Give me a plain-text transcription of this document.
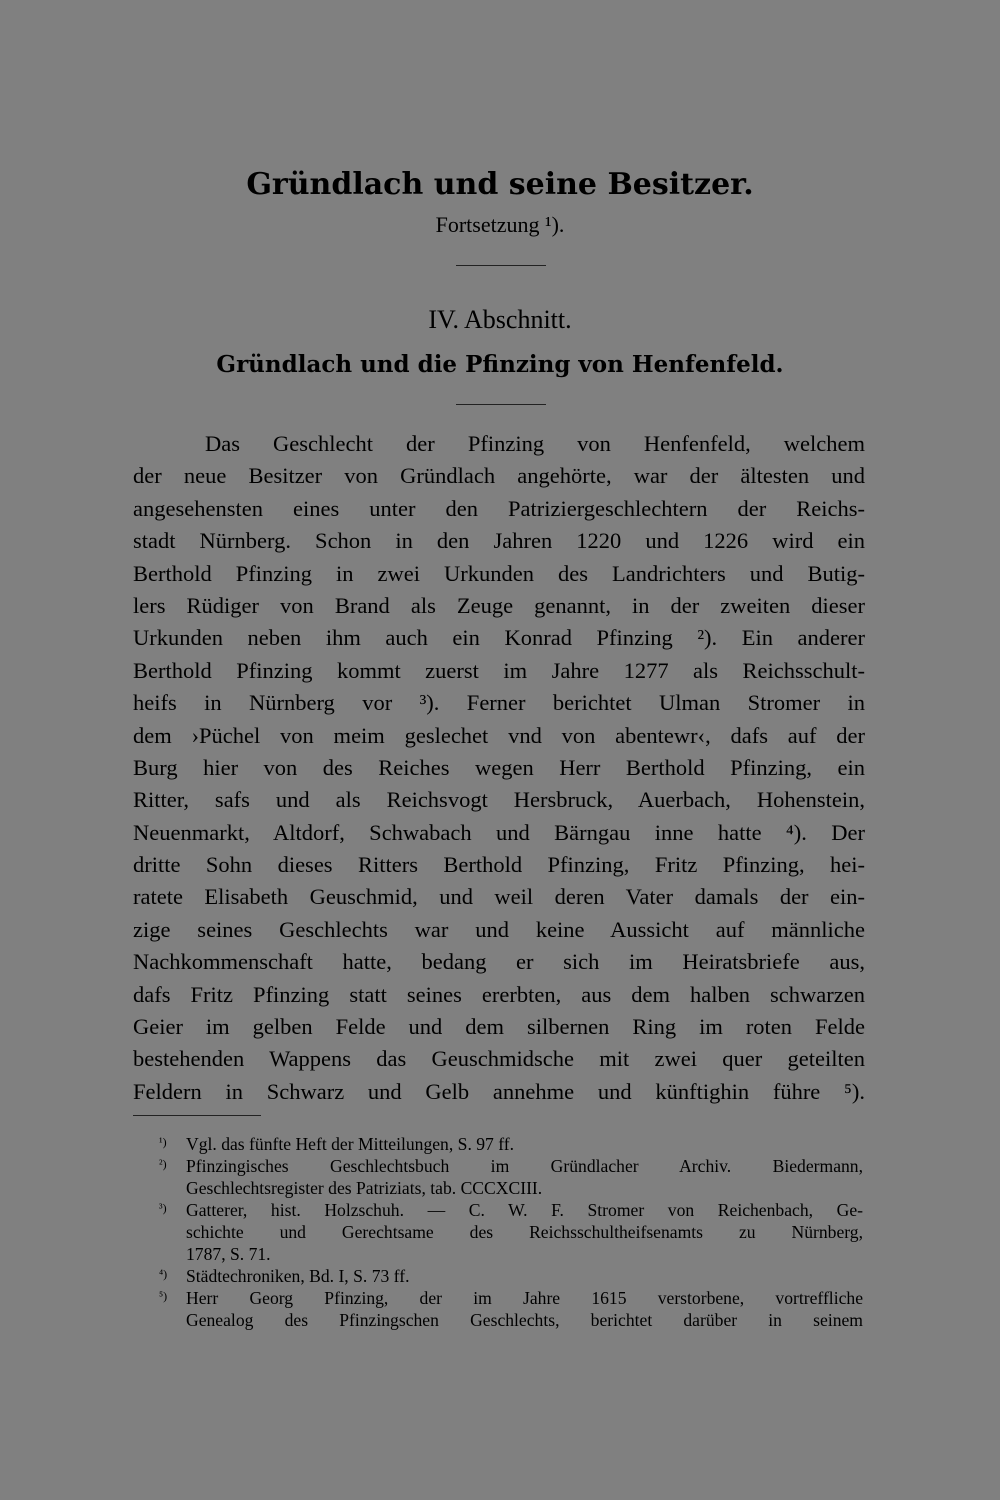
Gründlach und seine Besitzer.
Fortsetzung ¹).
IV. Abschnitt.
Gründlach und die Pfinzing von Henfenfeld.
Das Geschlecht der Pfinzing von Henfenfeld, welchem
der neue Besitzer von Gründlach angehörte, war der ältesten und
angesehensten eines unter den Patriziergeschlechtern der Reichs-
stadt Nürnberg. Schon in den Jahren 1220 und 1226 wird ein
Berthold Pfinzing in zwei Urkunden des Landrichters und Butig-
lers Rüdiger von Brand als Zeuge genannt, in der zweiten dieser
Urkunden neben ihm auch ein Konrad Pfinzing ²). Ein anderer
Berthold Pfinzing kommt zuerst im Jahre 1277 als Reichsschult-
heifs in Nürnberg vor ³). Ferner berichtet Ulman Stromer in
dem ›Püchel von meim geslechet vnd von abentewr‹, dafs auf der
Burg hier von des Reiches wegen Herr Berthold Pfinzing, ein
Ritter, safs und als Reichsvogt Hersbruck, Auerbach, Hohenstein,
Neuenmarkt, Altdorf, Schwabach und Bärngau inne hatte ⁴). Der
dritte Sohn dieses Ritters Berthold Pfinzing, Fritz Pfinzing, hei-
ratete Elisabeth Geuschmid, und weil deren Vater damals der ein-
zige seines Geschlechts war und keine Aussicht auf männliche
Nachkommenschaft hatte, bedang er sich im Heiratsbriefe aus,
dafs Fritz Pfinzing statt seines ererbten, aus dem halben schwarzen
Geier im gelben Felde und dem silbernen Ring im roten Felde
bestehenden Wappens das Geuschmidsche mit zwei quer geteilten
Feldern in Schwarz und Gelb annehme und künftighin führe ⁵).
¹) Vgl. das fünfte Heft der Mitteilungen, S. 97 ff.
²) Pfinzingisches Geschlechtsbuch im Gründlacher Archiv. Biedermann,
Geschlechtsregister des Patriziats, tab. CCCXCIII.
³) Gatterer, hist. Holzschuh. — C. W. F. Stromer von Reichenbach, Ge-
schichte und Gerechtsame des Reichsschultheifsenamts zu Nürnberg,
1787, S. 71.
⁴) Städtechroniken, Bd. I, S. 73 ff.
⁵) Herr Georg Pfinzing, der im Jahre 1615 verstorbene, vortreffliche
Genealog des Pfinzingschen Geschlechts, berichtet darüber in seinem
